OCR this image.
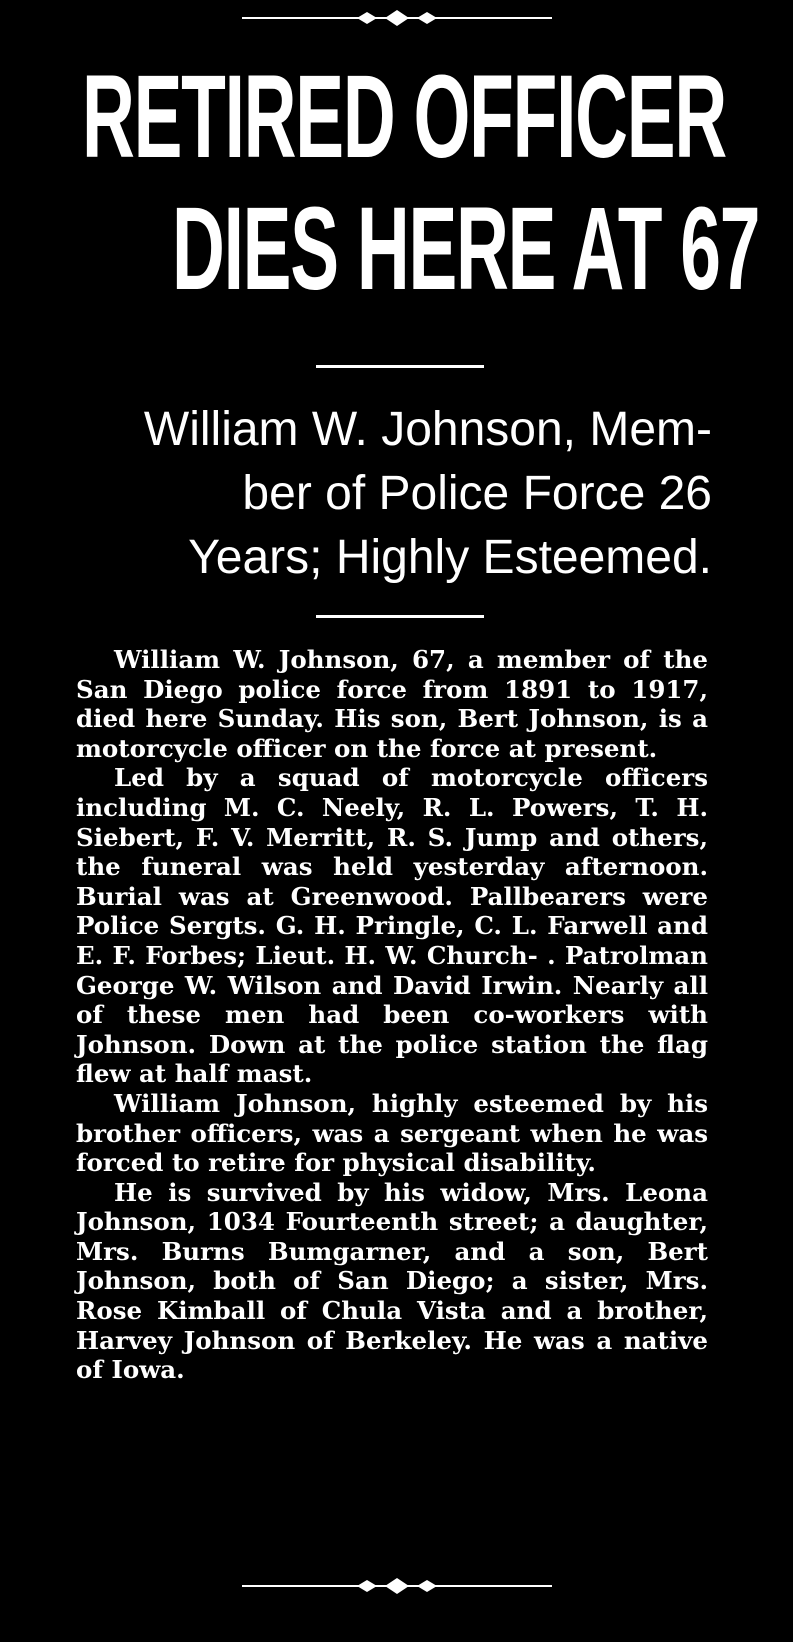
RETIRED OFFICER
DIES HERE AT 67
William W. Johnson, Mem-
ber of Police Force 26
Years; Highly Esteemed.

William W. Johnson, 67, a member of the San Diego police force from 1891 to 1917, died here Sunday. His son, Bert Johnson, is a motorcycle officer on the force at present.

Led by a squad of motorcycle officers including M. C. Neely, R. L. Powers, T. H. Siebert, F. V. Merritt, R. S. Jump and others, the funeral was held yesterday afternoon. Burial was at Greenwood. Pallbearers were Police Sergts. G. H. Pringle, C. L. Farwell and E. F. Forbes; Lieut. H. W. Church- . Patrolman George W. Wilson and David Irwin. Nearly all of these men had been co-workers with Johnson. Down at the police station the flag flew at half mast.

William Johnson, highly esteemed by his brother officers, was a sergeant when he was forced to retire for physical disability.

He is survived by his widow, Mrs. Leona Johnson, 1034 Fourteenth street; a daughter, Mrs. Burns Bumgarner, and a son, Bert Johnson, both of San Diego; a sister, Mrs. Rose Kimball of Chula Vista and a brother, Harvey Johnson of Berkeley. He was a native of Iowa.
